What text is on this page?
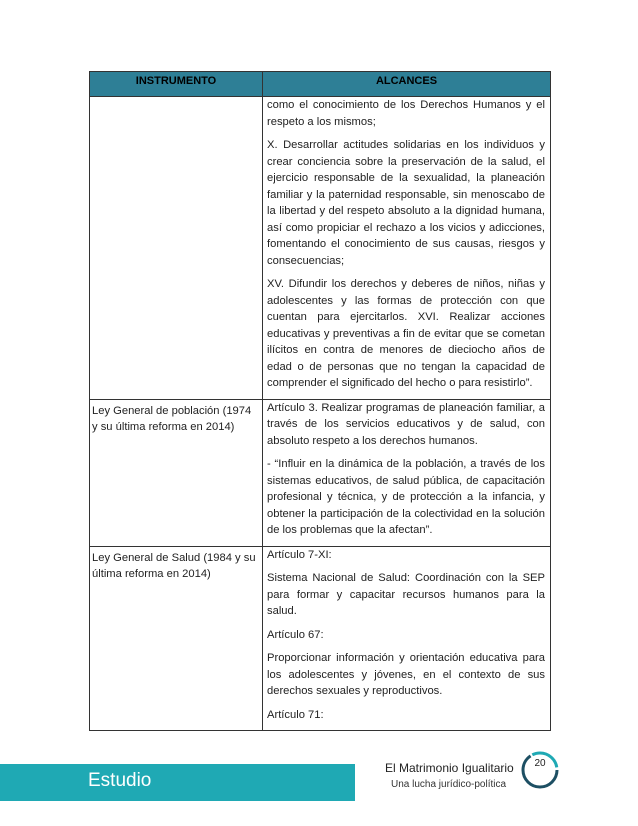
INSTRUMENTO	ALCANCES

	como el conocimiento de los Derechos Humanos y el respeto a los mismos;

X. Desarrollar actitudes solidarias en los individuos y crear conciencia sobre la preservación de la salud, el ejercicio responsable de la sexualidad, la planeación familiar y la paternidad responsable, sin menoscabo de la libertad y del respeto absoluto a la dignidad humana, así como propiciar el rechazo a los vicios y adicciones, fomentando el conocimiento de sus causas, riesgos y consecuencias;

XV. Difundir los derechos y deberes de niños, niñas y adolescentes y las formas de protección con que cuentan para ejercitarlos. XVI. Realizar acciones educativas y preventivas a fin de evitar que se cometan ilícitos en contra de menores de dieciocho años de edad o de personas que no tengan la capacidad de comprender el significado del hecho o para resistirlo”.

Ley General de población (1974 y su última reforma en 2014)	Artículo 3. Realizar programas de planeación familiar, a través de los servicios educativos y de salud, con absoluto respeto a los derechos humanos.

- “Influir en la dinámica de la población, a través de los sistemas educativos, de salud pública, de capacitación profesional y técnica, y de protección a la infancia, y obtener la participación de la colectividad en la solución de los problemas que la afectan”.

Ley General de Salud (1984 y su última reforma en 2014)	Artículo 7-XI:

Sistema Nacional de Salud: Coordinación con la SEP para formar y capacitar recursos humanos para la salud.

Artículo 67:

Proporcionar información y orientación educativa para los adolescentes y jóvenes, en el contexto de sus derechos sexuales y reproductivos.

Artículo 71:

Estudio
El Matrimonio Igualitario
Una lucha jurídico-política
20
